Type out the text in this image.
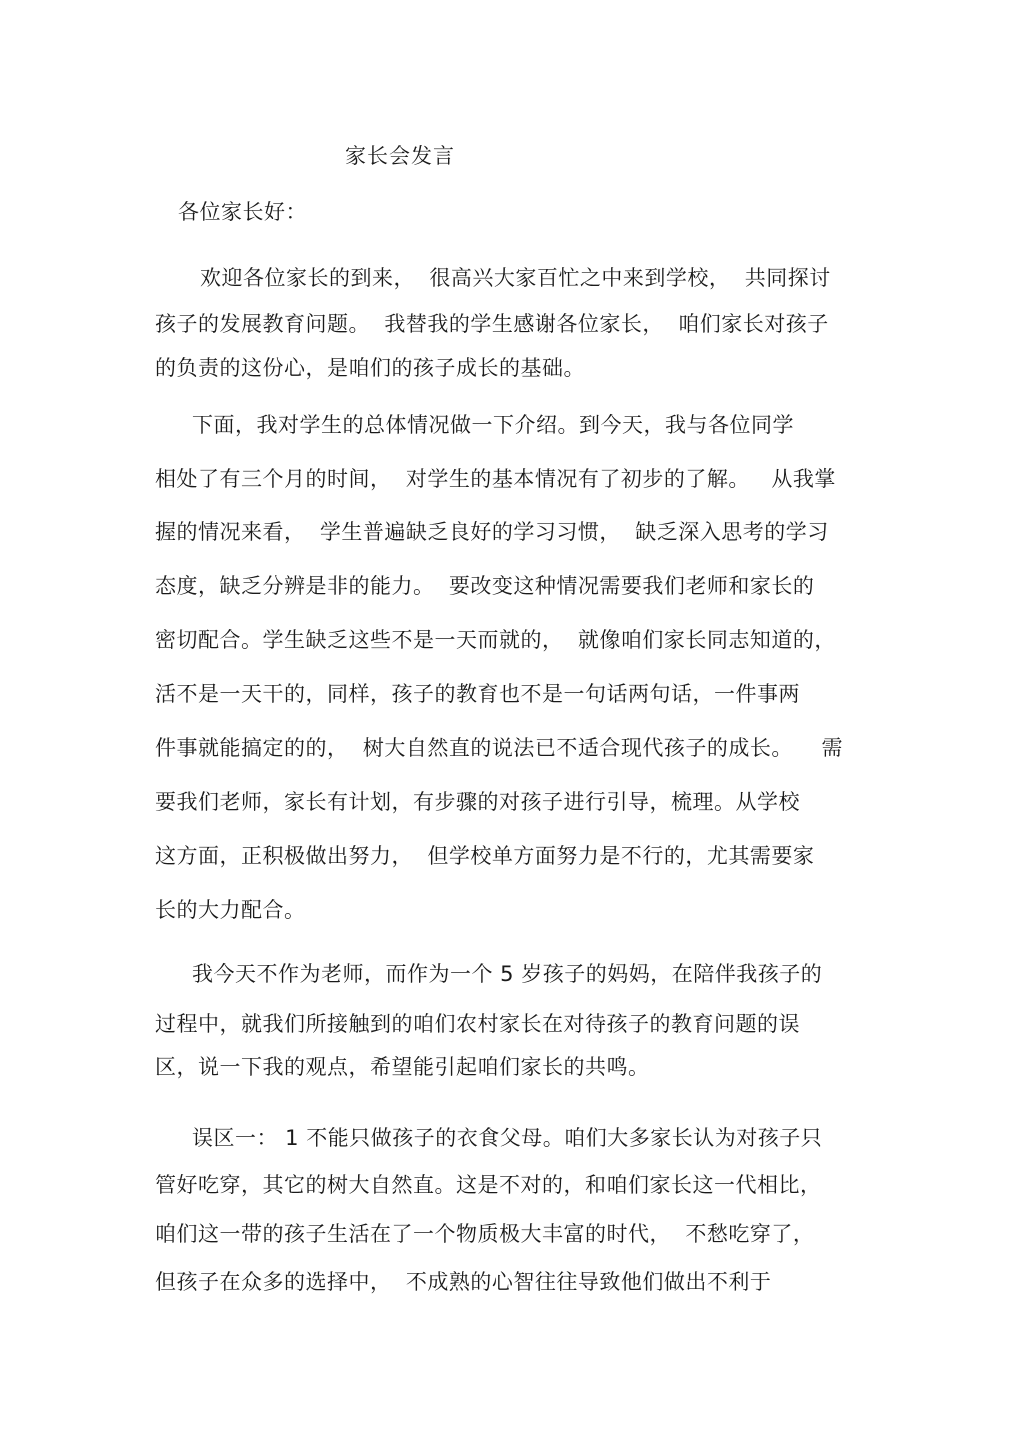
家长会发言
各位家长好：
欢迎各位家长的到来，  很高兴大家百忙之中来到学校，  共同探讨
孩子的发展教育问题。  我替我的学生感谢各位家长，  咱们家长对孩子
的负责的这份心，是咱们的孩子成长的基础。
下面，我对学生的总体情况做一下介绍。到今天，我与各位同学
相处了有三个月的时间，  对学生的基本情况有了初步的了解。   从我掌
握的情况来看，  学生普遍缺乏良好的学习习惯，  缺乏深入思考的学习
态度，缺乏分辨是非的能力。  要改变这种情况需要我们老师和家长的
密切配合。学生缺乏这些不是一天而就的，  就像咱们家长同志知道的，
活不是一天干的，同样，孩子的教育也不是一句话两句话，一件事两
件事就能搞定的的，  树大自然直的说法已不适合现代孩子的成长。    需
要我们老师，家长有计划，有步骤的对孩子进行引导，梳理。从学校
这方面，正积极做出努力，  但学校单方面努力是不行的，尤其需要家
长的大力配合。
我今天不作为老师，而作为一个 5 岁孩子的妈妈，在陪伴我孩子的
过程中，就我们所接触到的咱们农村家长在对待孩子的教育问题的误
区，说一下我的观点，希望能引起咱们家长的共鸣。
误区一： 1 不能只做孩子的衣食父母。咱们大多家长认为对孩子只
管好吃穿，其它的树大自然直。这是不对的，和咱们家长这一代相比，
咱们这一带的孩子生活在了一个物质极大丰富的时代，  不愁吃穿了，
但孩子在众多的选择中，  不成熟的心智往往导致他们做出不利于
